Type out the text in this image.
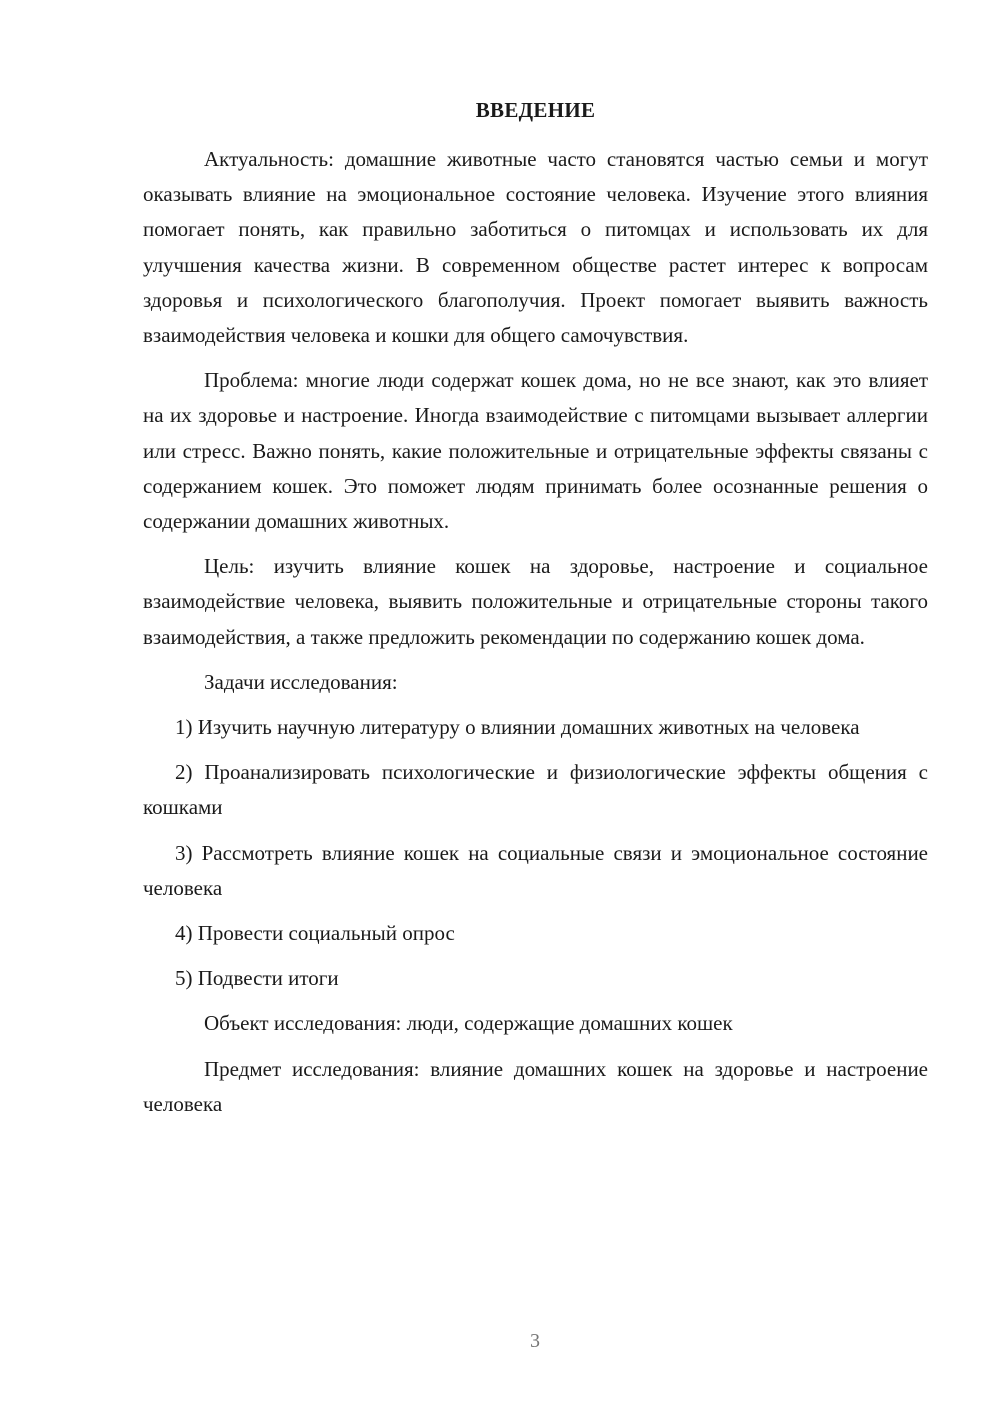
ВВЕДЕНИЕ

Актуальность: домашние животные часто становятся частью семьи и могут оказывать влияние на эмоциональное состояние человека. Изучение этого влияния помогает понять, как правильно заботиться о питомцах и использовать их для улучшения качества жизни. В современном обществе растет интерес к вопросам здоровья и психологического благополучия. Проект помогает выявить важность взаимодействия человека и кошки для общего самочувствия.

Проблема: многие люди содержат кошек дома, но не все знают, как это влияет на их здоровье и настроение. Иногда взаимодействие с питомцами вызывает аллергии или стресс. Важно понять, какие положительные и отрицательные эффекты связаны с содержанием кошек. Это поможет людям принимать более осознанные решения о содержании домашних животных.

Цель: изучить влияние кошек на здоровье, настроение и социальное взаимодействие человека, выявить положительные и отрицательные стороны такого взаимодействия, а также предложить рекомендации по содержанию кошек дома.

Задачи исследования:

1) Изучить научную литературу о влиянии домашних животных на человека

2) Проанализировать психологические и физиологические эффекты общения с кошками

3) Рассмотреть влияние кошек на социальные связи и эмоциональное состояние человека

4) Провести социальный опрос

5) Подвести итоги

Объект исследования: люди, содержащие домашних кошек

Предмет исследования: влияние домашних кошек на здоровье и настроение человека

3
